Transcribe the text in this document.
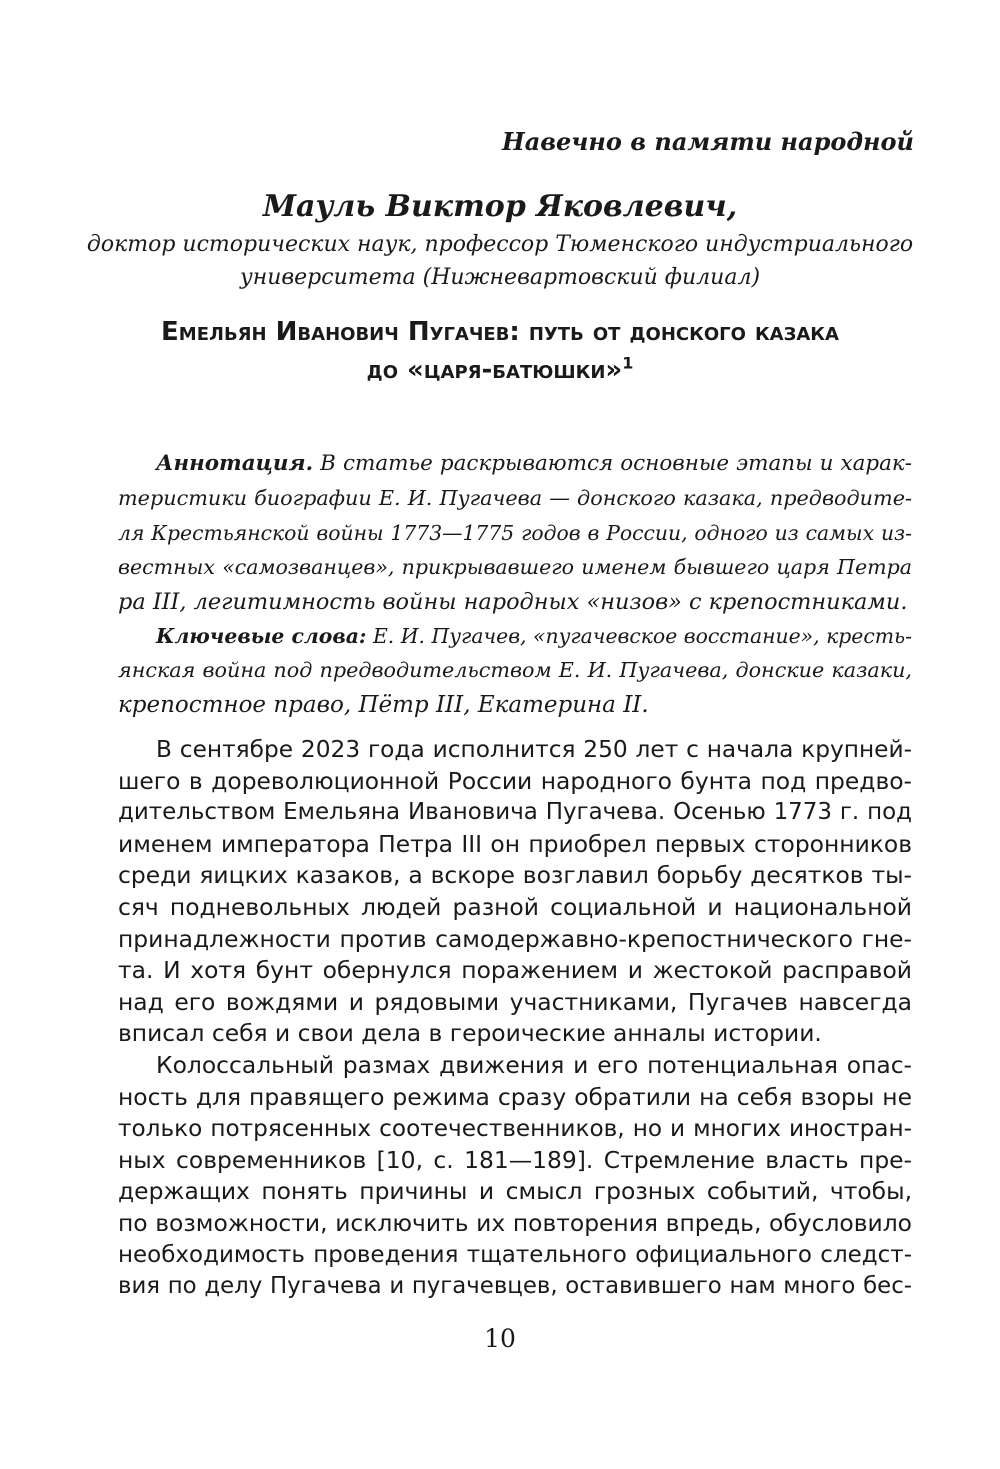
Навечно в памяти народной

Мауль Виктор Яковлевич,

доктор исторических наук, профессор Тюменского индустриального

университета (Нижневартовский филиал)

Емельян Иванович Пугачев: путь от донского казака

до «царя-батюшки»$^1$

Аннотация. В статье раскрываются основные этапы и харак-
теристики биографии Е. И. Пугачева — донского казака, предводите-
ля Крестьянской войны 1773—1775 годов в России, одного из самых из-
вестных «самозванцев», прикрывавшего именем бывшего царя Петра
ра III, легитимность войны народных «низов» с крепостниками.
Ключевые слова: Е. И. Пугачев, «пугачевское восстание», кресть-
янская война под предводительством Е. И. Пугачева, донские казаки,
крепостное право, Пётр III, Екатерина II.
В сентябре 2023 года исполнится 250 лет с начала крупней-
шего в дореволюционной России народного бунта под предво-
дительством Емельяна Ивановича Пугачева. Осенью 1773 г. под
именем императора Петра III он приобрел первых сторонников
среди яицких казаков, а вскоре возглавил борьбу десятков ты-
сяч подневольных людей разной социальной и национальной
принадлежности против самодержавно-крепостнического гне-
та. И хотя бунт обернулся поражением и жестокой расправой
над его вождями и рядовыми участниками, Пугачев навсегда
вписал себя и свои дела в героические анналы истории.
Колоссальный размах движения и его потенциальная опас-
ность для правящего режима сразу обратили на себя взоры не
только потрясенных соотечественников, но и многих иностран-
ных современников [10, с. 181—189]. Стремление власть пре-
держащих понять причины и смысл грозных событий, чтобы,
по возможности, исключить их повторения впредь, обусловило
необходимость проведения тщательного официального следст-
вия по делу Пугачева и пугачевцев, оставившего нам много бес-

10
